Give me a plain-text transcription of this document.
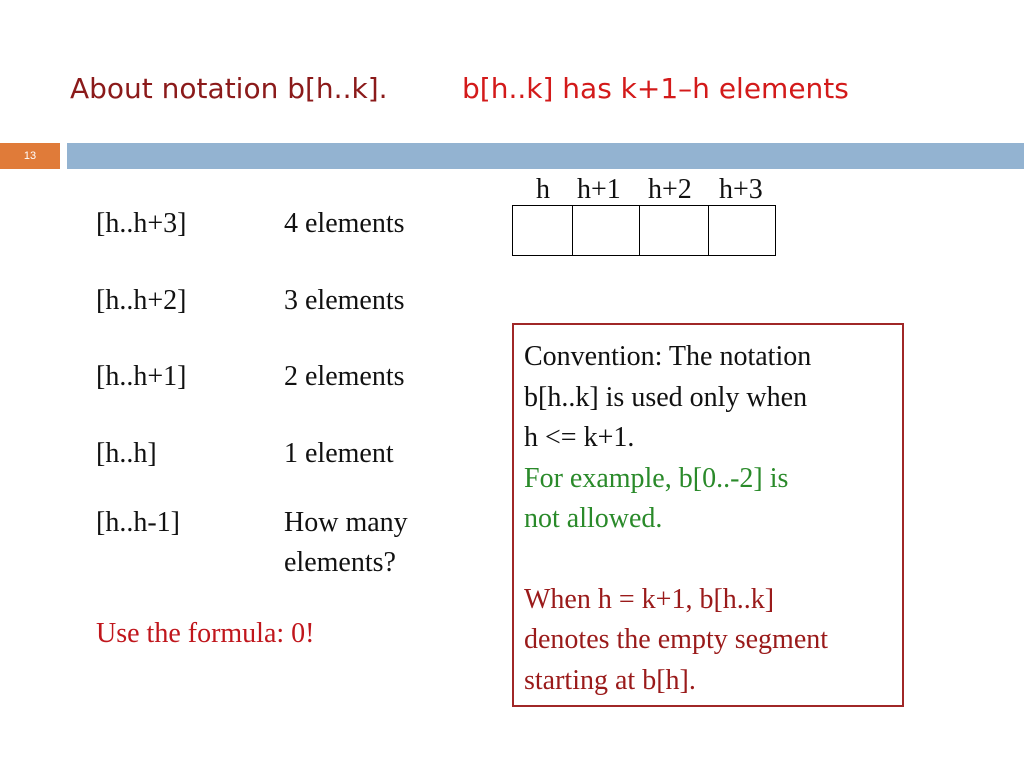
About notation b[h..k].	b[h..k] has k+1–h elements
13
[h..h+3]	4 elements
[h..h+2]	3 elements
[h..h+1]	2 elements
[h..h]	1 element
[h..h-1]	How many
elements?
Use the formula: 0!
h h+1 h+2 h+3

Convention: The notation

b[h..k] is used only when

h <= k+1.

For example, b[0..-2] is

not allowed.

When h = k+1, b[h..k]

denotes the empty segment

starting at b[h].
